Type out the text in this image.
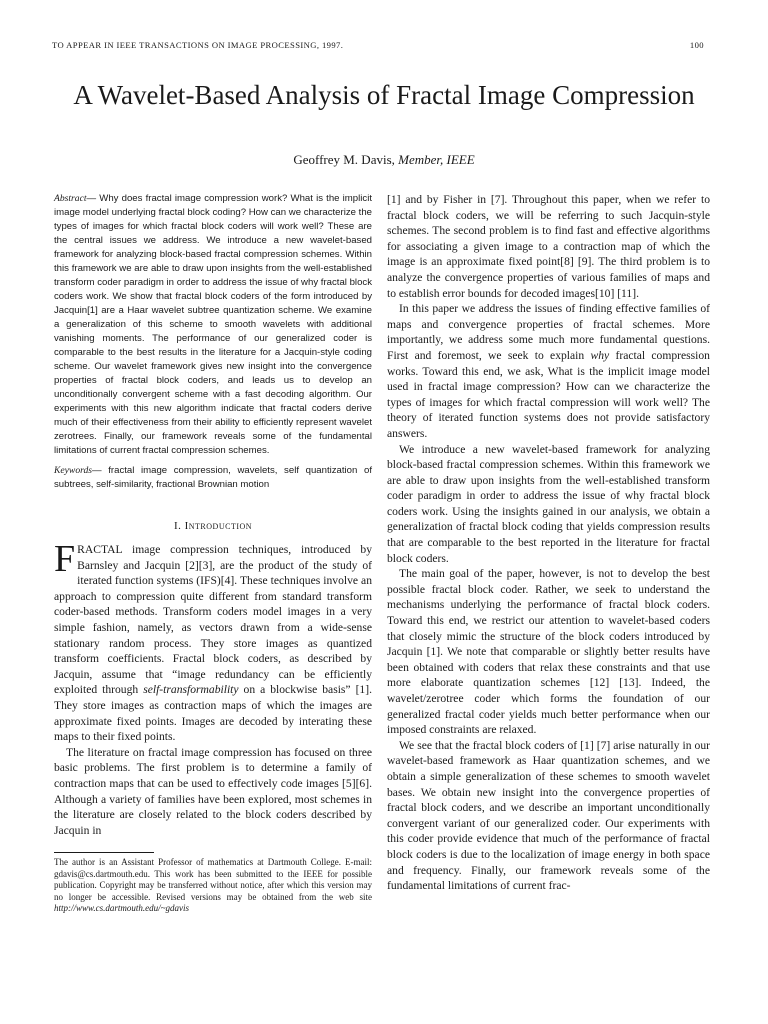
TO APPEAR IN IEEE TRANSACTIONS ON IMAGE PROCESSING, 1997.	100
A Wavelet-Based Analysis of Fractal Image Compression
Geoffrey M. Davis, Member, IEEE

Abstract— Why does fractal image compression work? What is the implicit image model underlying fractal block coding? How can we characterize the types of images for which fractal block coders will work well? These are the central issues we address. We introduce a new wavelet-based framework for analyzing block-based fractal compression schemes. Within this framework we are able to draw upon insights from the well-established transform coder paradigm in order to address the issue of why fractal block coders work. We show that fractal block coders of the form introduced by Jacquin[1] are a Haar wavelet subtree quantization scheme. We examine a generalization of this scheme to smooth wavelets with additional vanishing moments. The performance of our generalized coder is comparable to the best results in the literature for a Jacquin-style coding scheme. Our wavelet framework gives new insight into the convergence properties of fractal block coders, and leads us to develop an unconditionally convergent scheme with a fast decoding algorithm. Our experiments with this new algorithm indicate that fractal coders derive much of their effectiveness from their ability to efficiently represent wavelet zerotrees. Finally, our framework reveals some of the fundamental limitations of current fractal compression schemes.

Keywords— fractal image compression, wavelets, self quantization of subtrees, self-similarity, fractional Brownian motion

I. Introduction

FRACTAL image compression techniques, introduced by Barnsley and Jacquin [2][3], are the product of the study of iterated function systems (IFS)[4]. These techniques involve an approach to compression quite different from standard transform coder-based methods. Transform coders model images in a very simple fashion, namely, as vectors drawn from a wide-sense stationary random process. They store images as quantized transform coefficients. Fractal block coders, as described by Jacquin, assume that “image redundancy can be efficiently exploited through self-transformability on a blockwise basis” [1]. They store images as contraction maps of which the images are approximate fixed points. Images are decoded by interating these maps to their fixed points.

The literature on fractal image compression has focused on three basic problems. The first problem is to determine a family of contraction maps that can be used to effectively code images [5][6]. Although a variety of families have been explored, most schemes in the literature are closely related to the block coders described by Jacquin in

The author is an Assistant Professor of mathematics at Dartmouth College. E-mail: gdavis@cs.dartmouth.edu. This work has been submitted to the IEEE for possible publication. Copyright may be transferred without notice, after which this version may no longer be accessible. Revised versions may be obtained from the web site http://www.cs.dartmouth.edu/~gdavis

[1] and by Fisher in [7]. Throughout this paper, when we refer to fractal block coders, we will be referring to such Jacquin-style schemes. The second problem is to find fast and effective algorithms for associating a given image to a contraction map of which the image is an approximate fixed point[8] [9]. The third problem is to analyze the convergence properties of various families of maps and to establish error bounds for decoded images[10] [11].

In this paper we address the issues of finding effective families of maps and convergence properties of fractal schemes. More importantly, we address some much more fundamental questions. First and foremost, we seek to explain why fractal compression works. Toward this end, we ask, What is the implicit image model used in fractal image compression? How can we characterize the types of images for which fractal compression will work well? The theory of iterated function systems does not provide satisfactory answers.

We introduce a new wavelet-based framework for analyzing block-based fractal compression schemes. Within this framework we are able to draw upon insights from the well-established transform coder paradigm in order to address the issue of why fractal block coders work. Using the insights gained in our analysis, we obtain a generalization of fractal block coding that yields compression results that are comparable to the best reported in the literature for fractal block coders.

The main goal of the paper, however, is not to develop the best possible fractal block coder. Rather, we seek to understand the mechanisms underlying the performance of fractal block coders. Toward this end, we restrict our attention to wavelet-based coders that closely mimic the structure of the block coders introduced by Jacquin [1]. We note that comparable or slightly better results have been obtained with coders that relax these constraints and that use more elaborate quantization schemes [12] [13]. Indeed, the wavelet/zerotree coder which forms the foundation of our generalized fractal coder yields much better performance when our imposed constraints are relaxed.

We see that the fractal block coders of [1] [7] arise naturally in our wavelet-based framework as Haar quantization schemes, and we obtain a simple generalization of these schemes to smooth wavelet bases. We obtain new insight into the convergence properties of fractal block coders, and we describe an important unconditionally convergent variant of our generalized coder. Our experiments with this coder provide evidence that much of the performance of fractal block coders is due to the localization of image energy in both space and frequency. Finally, our framework reveals some of the fundamental limitations of current frac-
